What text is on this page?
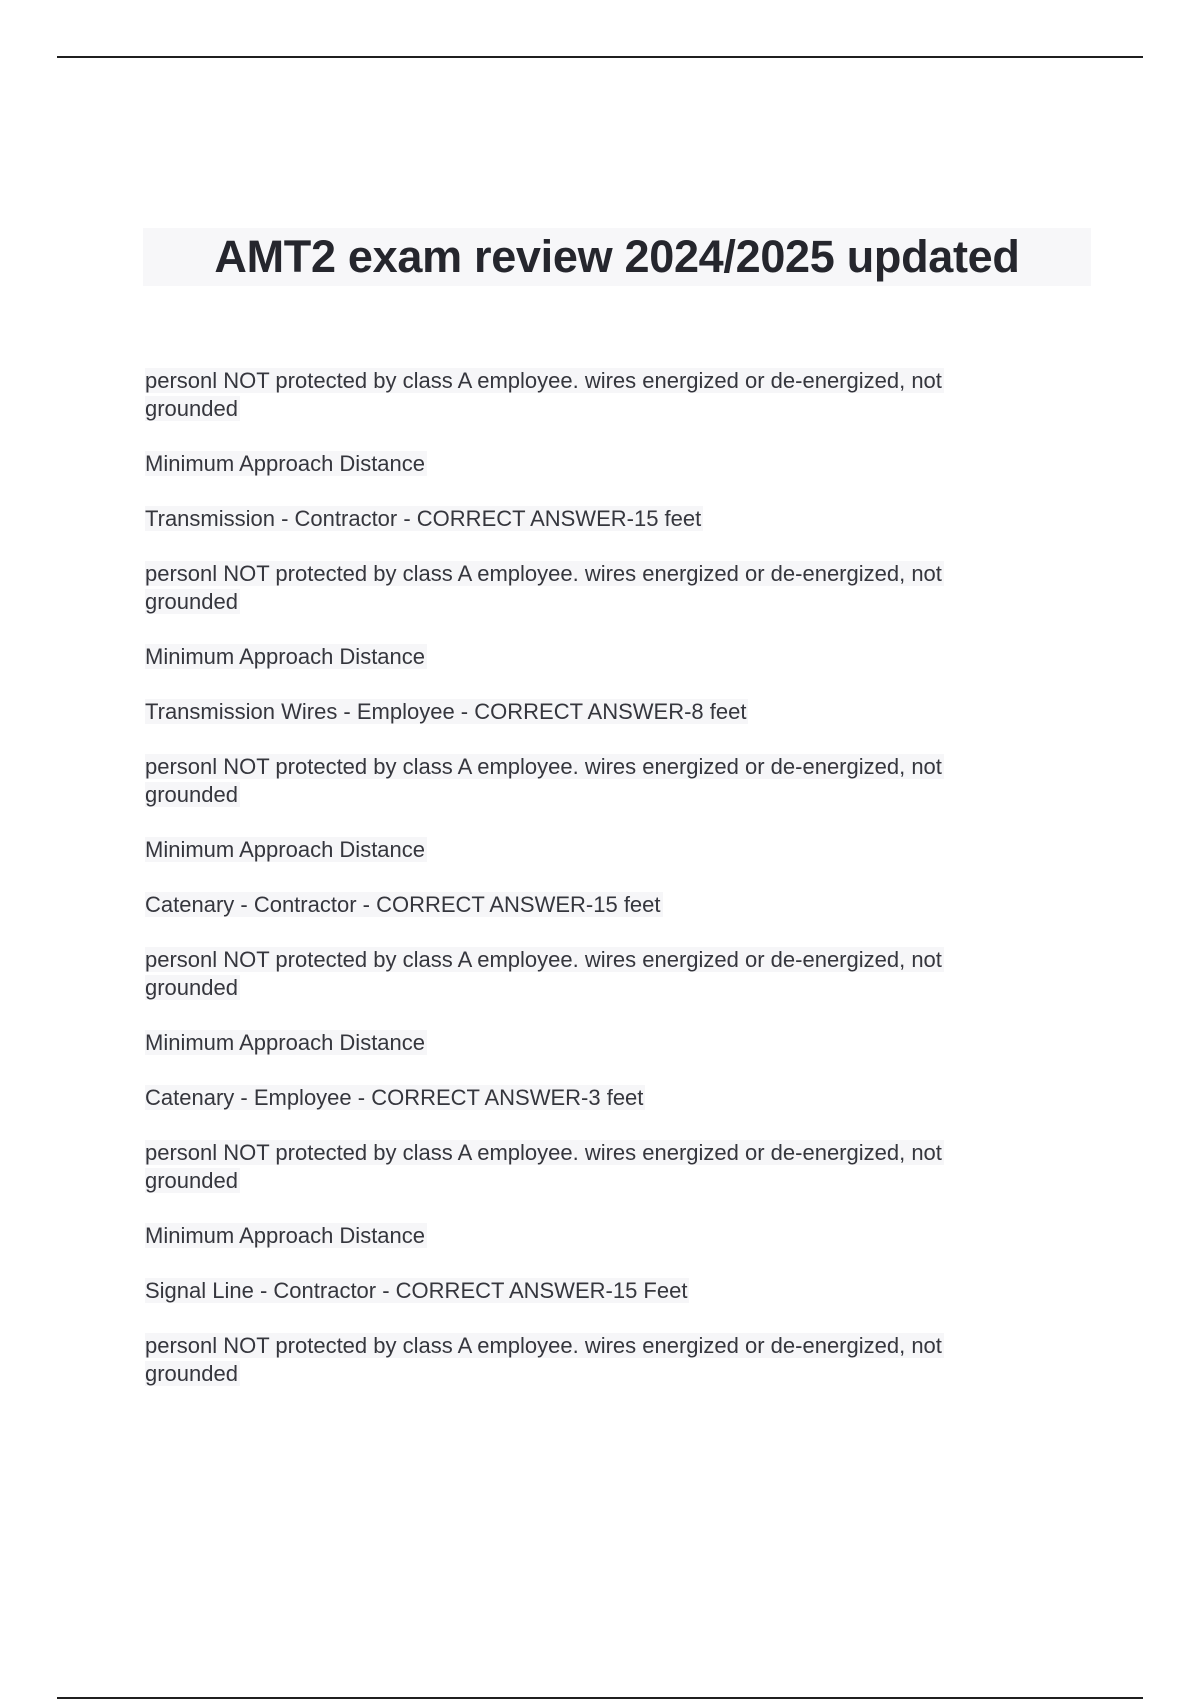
AMT2 exam review 2024/2025 updated

personl NOT protected by class A employee. wires energized or de-energized, not grounded

Minimum Approach Distance

Transmission - Contractor - CORRECT ANSWER-15 feet

personl NOT protected by class A employee. wires energized or de-energized, not grounded

Minimum Approach Distance

Transmission Wires - Employee - CORRECT ANSWER-8 feet

personl NOT protected by class A employee. wires energized or de-energized, not grounded

Minimum Approach Distance

Catenary - Contractor - CORRECT ANSWER-15 feet

personl NOT protected by class A employee. wires energized or de-energized, not grounded

Minimum Approach Distance

Catenary - Employee - CORRECT ANSWER-3 feet

personl NOT protected by class A employee. wires energized or de-energized, not grounded

Minimum Approach Distance

Signal Line - Contractor - CORRECT ANSWER-15 Feet

personl NOT protected by class A employee. wires energized or de-energized, not grounded
